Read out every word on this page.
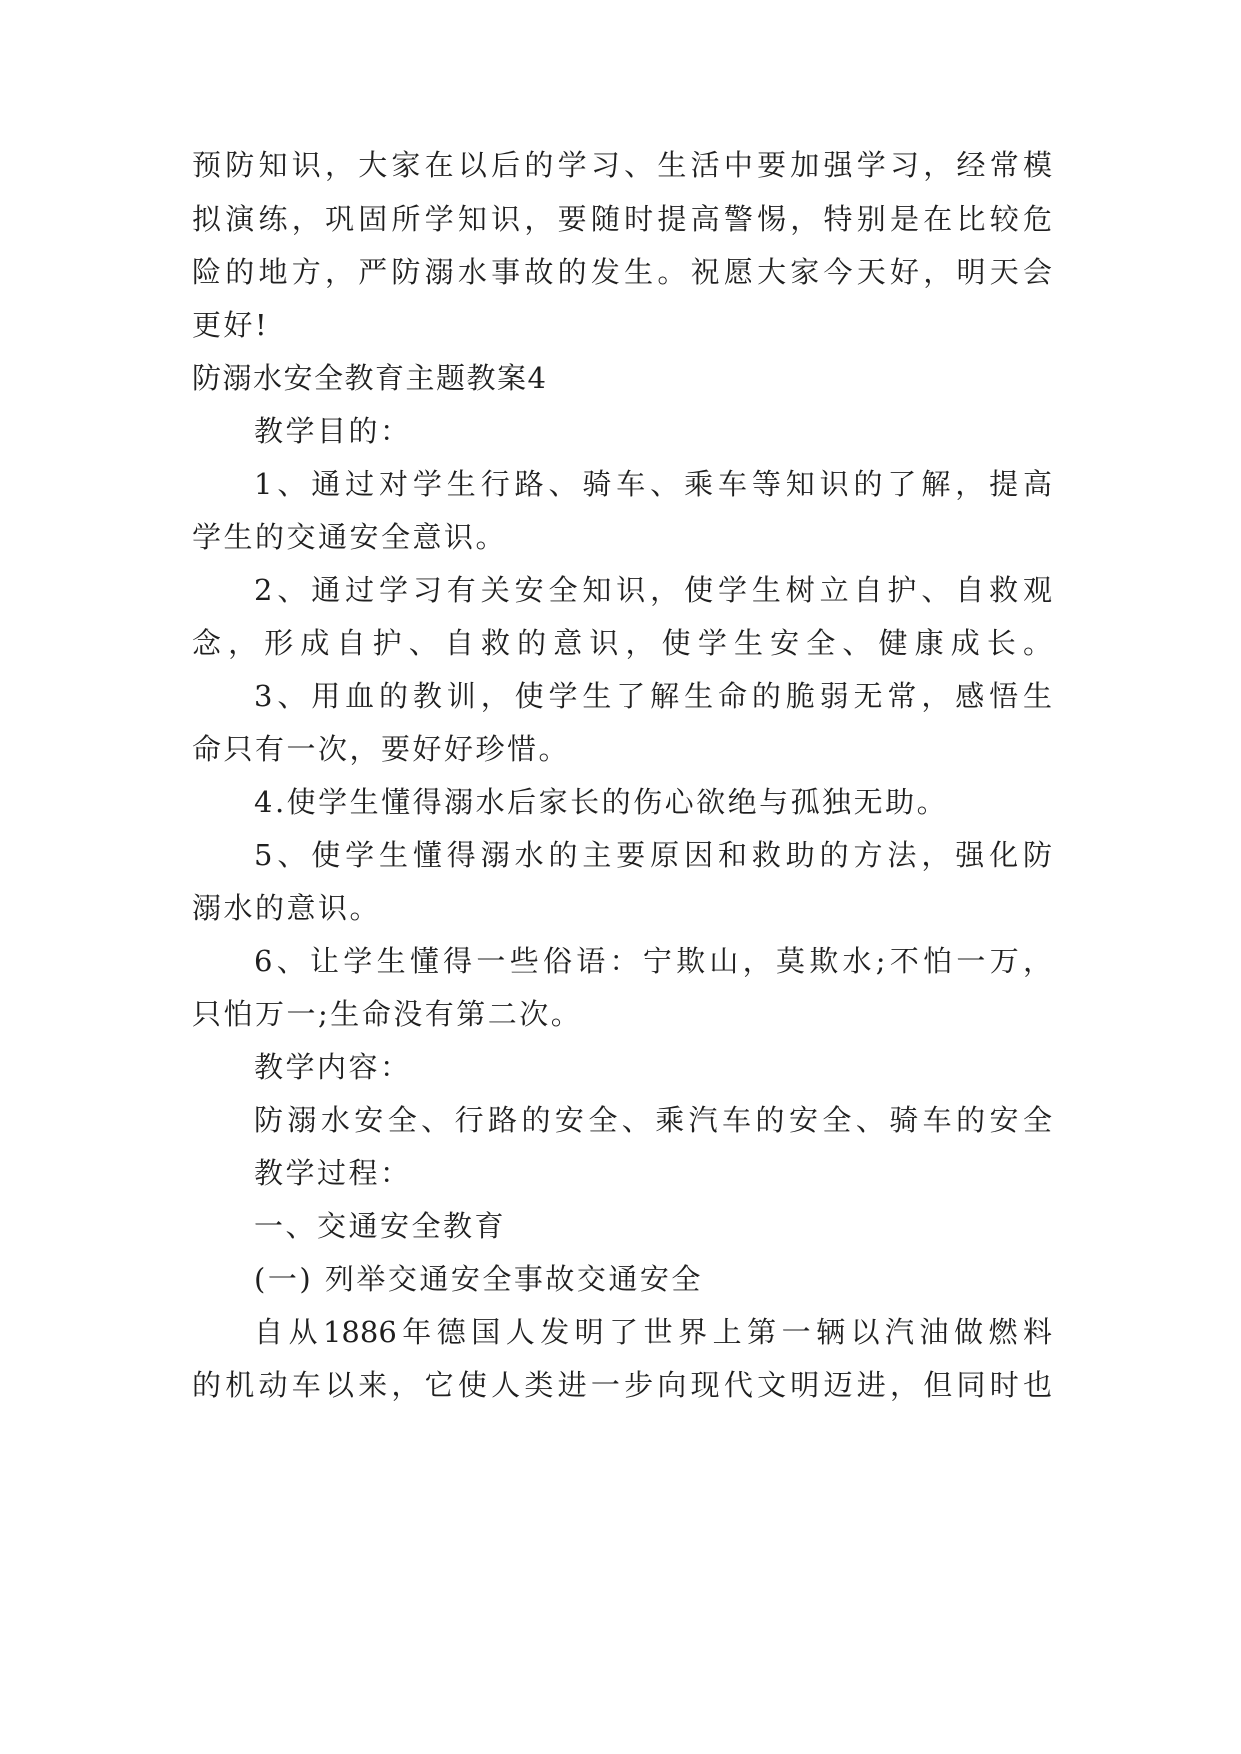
预防知识，大家在以后的学习、生活中要加强学习，经常模
拟演练，巩固所学知识，要随时提高警惕，特别是在比较危
险的地方，严防溺水事故的发生。祝愿大家今天好，明天会
更好!
防溺水安全教育主题教案4
教学目的：
1、通过对学生行路、骑车、乘车等知识的了解，提高
学生的交通安全意识。
2、通过学习有关安全知识，使学生树立自护、自救观
念，形成自护、自救的意识，使学生安全、健康成长。
3、用血的教训，使学生了解生命的脆弱无常，感悟生
命只有一次，要好好珍惜。
4.使学生懂得溺水后家长的伤心欲绝与孤独无助。
5、使学生懂得溺水的主要原因和救助的方法，强化防
溺水的意识。
6、让学生懂得一些俗语：宁欺山，莫欺水;不怕一万，
只怕万一;生命没有第二次。
教学内容：
防溺水安全、行路的安全、乘汽车的安全、骑车的安全
教学过程：
一、交通安全教育
(一) 列举交通安全事故交通安全
自从1886年德国人发明了世界上第一辆以汽油做燃料
的机动车以来，它使人类进一步向现代文明迈进，但同时也
